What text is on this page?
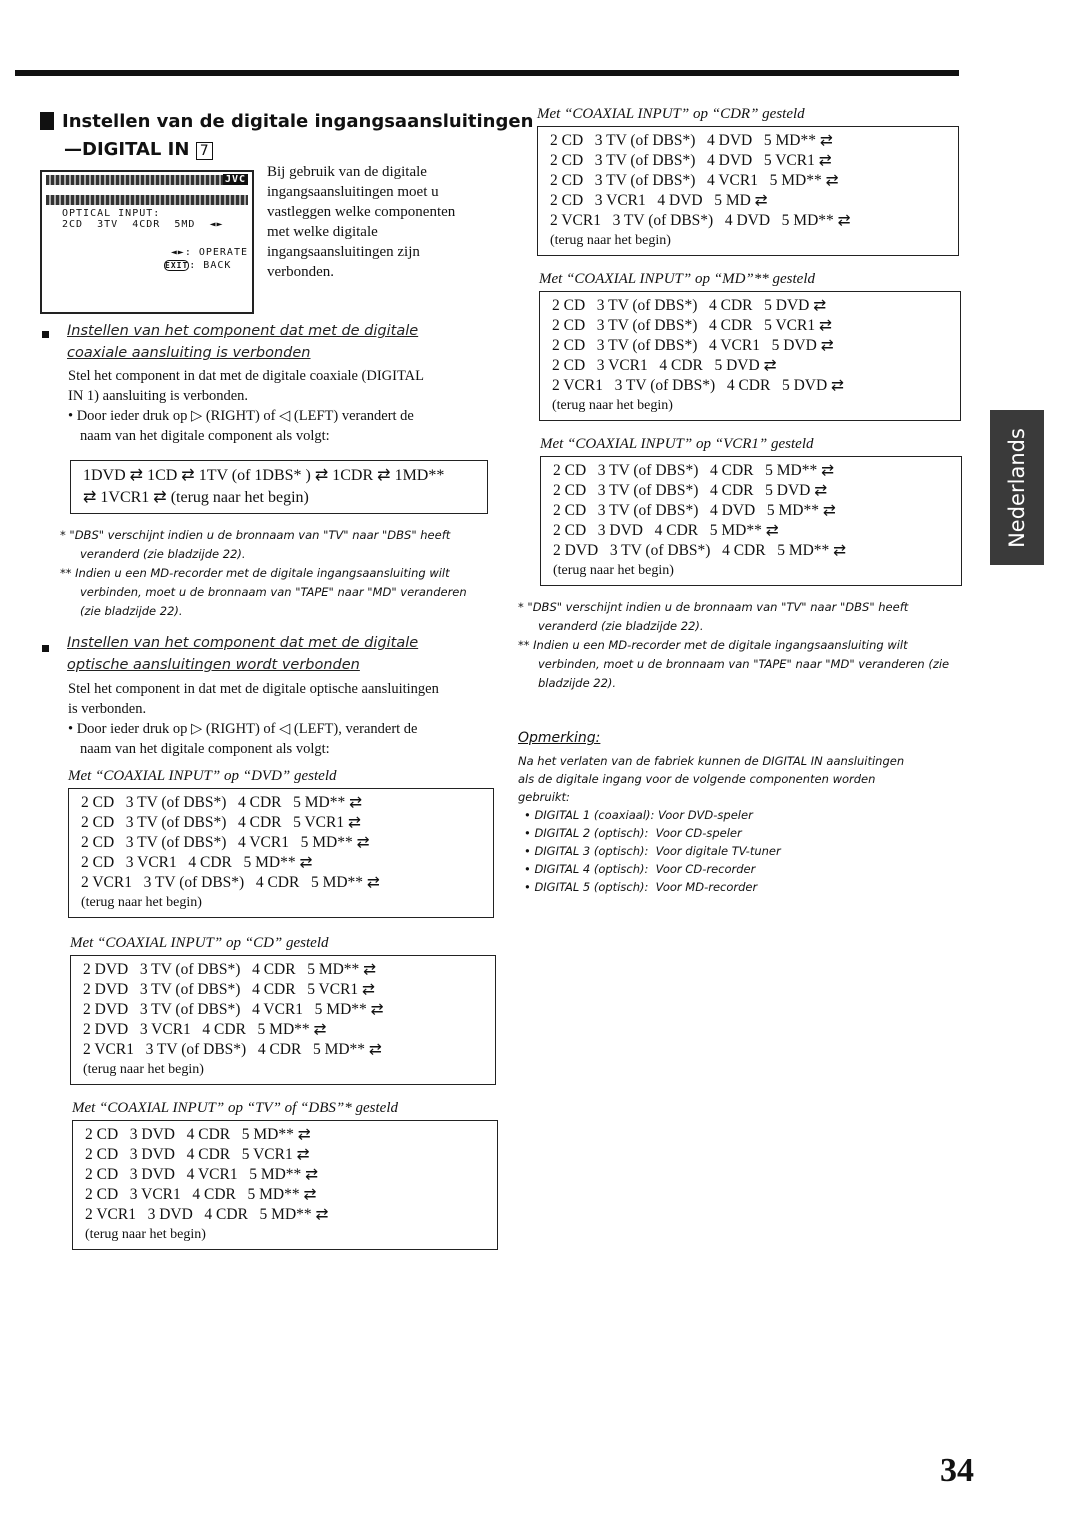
Instellen van de digitale ingangsaansluitingen
—DIGITAL IN 7
JVC
OPTICAL INPUT:
2CD  3TV  4CDR  5MD ◄►
◄►: OPERATE
EXIT: BACK
Bij gebruik van de digitale
ingangsaansluitingen moet u
vastleggen welke componenten
met welke digitale
ingangsaansluitingen zijn
verbonden.
Instellen van het component dat met de digitale
coaxiale aansluiting is verbonden
Stel het component in dat met de digitale coaxiale (DIGITAL
IN 1) aansluiting is verbonden.
• Door ieder druk op ▷ (RIGHT) of ◁ (LEFT) verandert de
naam van het digitale component als volgt:
1DVD ⇄ 1CD ⇄ 1TV (of 1DBS* ) ⇄ 1CDR ⇄ 1MD**
⇄ 1VCR1 ⇄ (terug naar het begin)
* "DBS" verschijnt indien u de bronnaam van "TV" naar "DBS" heeft veranderd (zie bladzijde 22).
** Indien u een MD-recorder met de digitale ingangsaansluiting wilt verbinden, moet u de bronnaam van "TAPE" naar "MD" veranderen (zie bladzijde 22).
Instellen van het component dat met de digitale
optische aansluitingen wordt verbonden
Stel het component in dat met de digitale optische aansluitingen
is verbonden.
• Door ieder druk op ▷ (RIGHT) of ◁ (LEFT), verandert de
naam van het digitale component als volgt:
Met “COAXIAL INPUT” op “DVD” gesteld
2 CD   3 TV (of DBS*)   4 CDR   5 MD** ⇄
2 CD   3 TV (of DBS*)   4 CDR   5 VCR1 ⇄
2 CD   3 TV (of DBS*)   4 VCR1   5 MD** ⇄
2 CD   3 VCR1   4 CDR   5 MD** ⇄
2 VCR1   3 TV (of DBS*)   4 CDR   5 MD** ⇄
(terug naar het begin)
Met “COAXIAL INPUT” op “CD” gesteld
2 DVD   3 TV (of DBS*)   4 CDR   5 MD** ⇄
2 DVD   3 TV (of DBS*)   4 CDR   5 VCR1 ⇄
2 DVD   3 TV (of DBS*)   4 VCR1   5 MD** ⇄
2 DVD   3 VCR1   4 CDR   5 MD** ⇄
2 VCR1   3 TV (of DBS*)   4 CDR   5 MD** ⇄
(terug naar het begin)
Met “COAXIAL INPUT” op “TV” of “DBS”* gesteld
2 CD   3 DVD   4 CDR   5 MD** ⇄
2 CD   3 DVD   4 CDR   5 VCR1 ⇄
2 CD   3 DVD   4 VCR1   5 MD** ⇄
2 CD   3 VCR1   4 CDR   5 MD** ⇄
2 VCR1   3 DVD   4 CDR   5 MD** ⇄
(terug naar het begin)
Met “COAXIAL INPUT” op “CDR” gesteld
2 CD   3 TV (of DBS*)   4 DVD   5 MD** ⇄
2 CD   3 TV (of DBS*)   4 DVD   5 VCR1 ⇄
2 CD   3 TV (of DBS*)   4 VCR1   5 MD** ⇄
2 CD   3 VCR1   4 DVD   5 MD ⇄
2 VCR1   3 TV (of DBS*)   4 DVD   5 MD** ⇄
(terug naar het begin)
Met “COAXIAL INPUT” op “MD”** gesteld
2 CD   3 TV (of DBS*)   4 CDR   5 DVD ⇄
2 CD   3 TV (of DBS*)   4 CDR   5 VCR1 ⇄
2 CD   3 TV (of DBS*)   4 VCR1   5 DVD ⇄
2 CD   3 VCR1   4 CDR   5 DVD ⇄
2 VCR1   3 TV (of DBS*)   4 CDR   5 DVD ⇄
(terug naar het begin)
Met “COAXIAL INPUT” op “VCR1” gesteld
2 CD   3 TV (of DBS*)   4 CDR   5 MD** ⇄
2 CD   3 TV (of DBS*)   4 CDR   5 DVD ⇄
2 CD   3 TV (of DBS*)   4 DVD   5 MD** ⇄
2 CD   3 DVD   4 CDR   5 MD** ⇄
2 DVD   3 TV (of DBS*)   4 CDR   5 MD** ⇄
(terug naar het begin)
* "DBS" verschijnt indien u de bronnaam van "TV" naar "DBS" heeft veranderd (zie bladzijde 22).
** Indien u een MD-recorder met de digitale ingangsaansluiting wilt verbinden, moet u de bronnaam van "TAPE" naar "MD" veranderen (zie bladzijde 22).
Opmerking:
Na het verlaten van de fabriek kunnen de DIGITAL IN aansluitingen
als de digitale ingang voor de volgende componenten worden
gebruikt:
• DIGITAL 1 (coaxiaal): Voor DVD-speler
• DIGITAL 2 (optisch):  Voor CD-speler
• DIGITAL 3 (optisch):  Voor digitale TV-tuner
• DIGITAL 4 (optisch):  Voor CD-recorder
• DIGITAL 5 (optisch):  Voor MD-recorder
Nederlands
34
